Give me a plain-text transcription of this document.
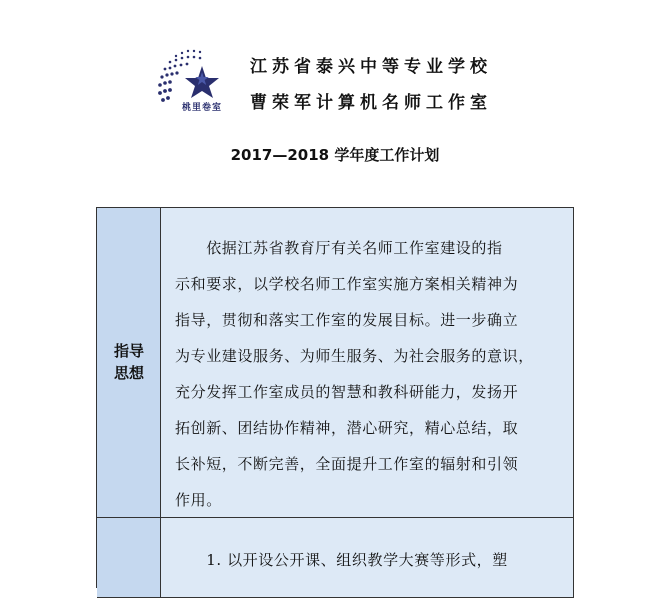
桃里卷室
江苏省泰兴中等专业学校
曹荣军计算机名师工作室
2017—2018 学年度工作计划
指导
思想

　　依据江苏省教育厅有关名师工作室建设的指
示和要求，以学校名师工作室实施方案相关精神为
指导，贯彻和落实工作室的发展目标。进一步确立
为专业建设服务、为师生服务、为社会服务的意识，
充分发挥工作室成员的智慧和教科研能力，发扬开
拓创新、团结协作精神，潜心研究，精心总结，取
长补短，不断完善，全面提升工作室的辐射和引领
作用。

　　1. 以开设公开课、组织教学大赛等形式，塑
